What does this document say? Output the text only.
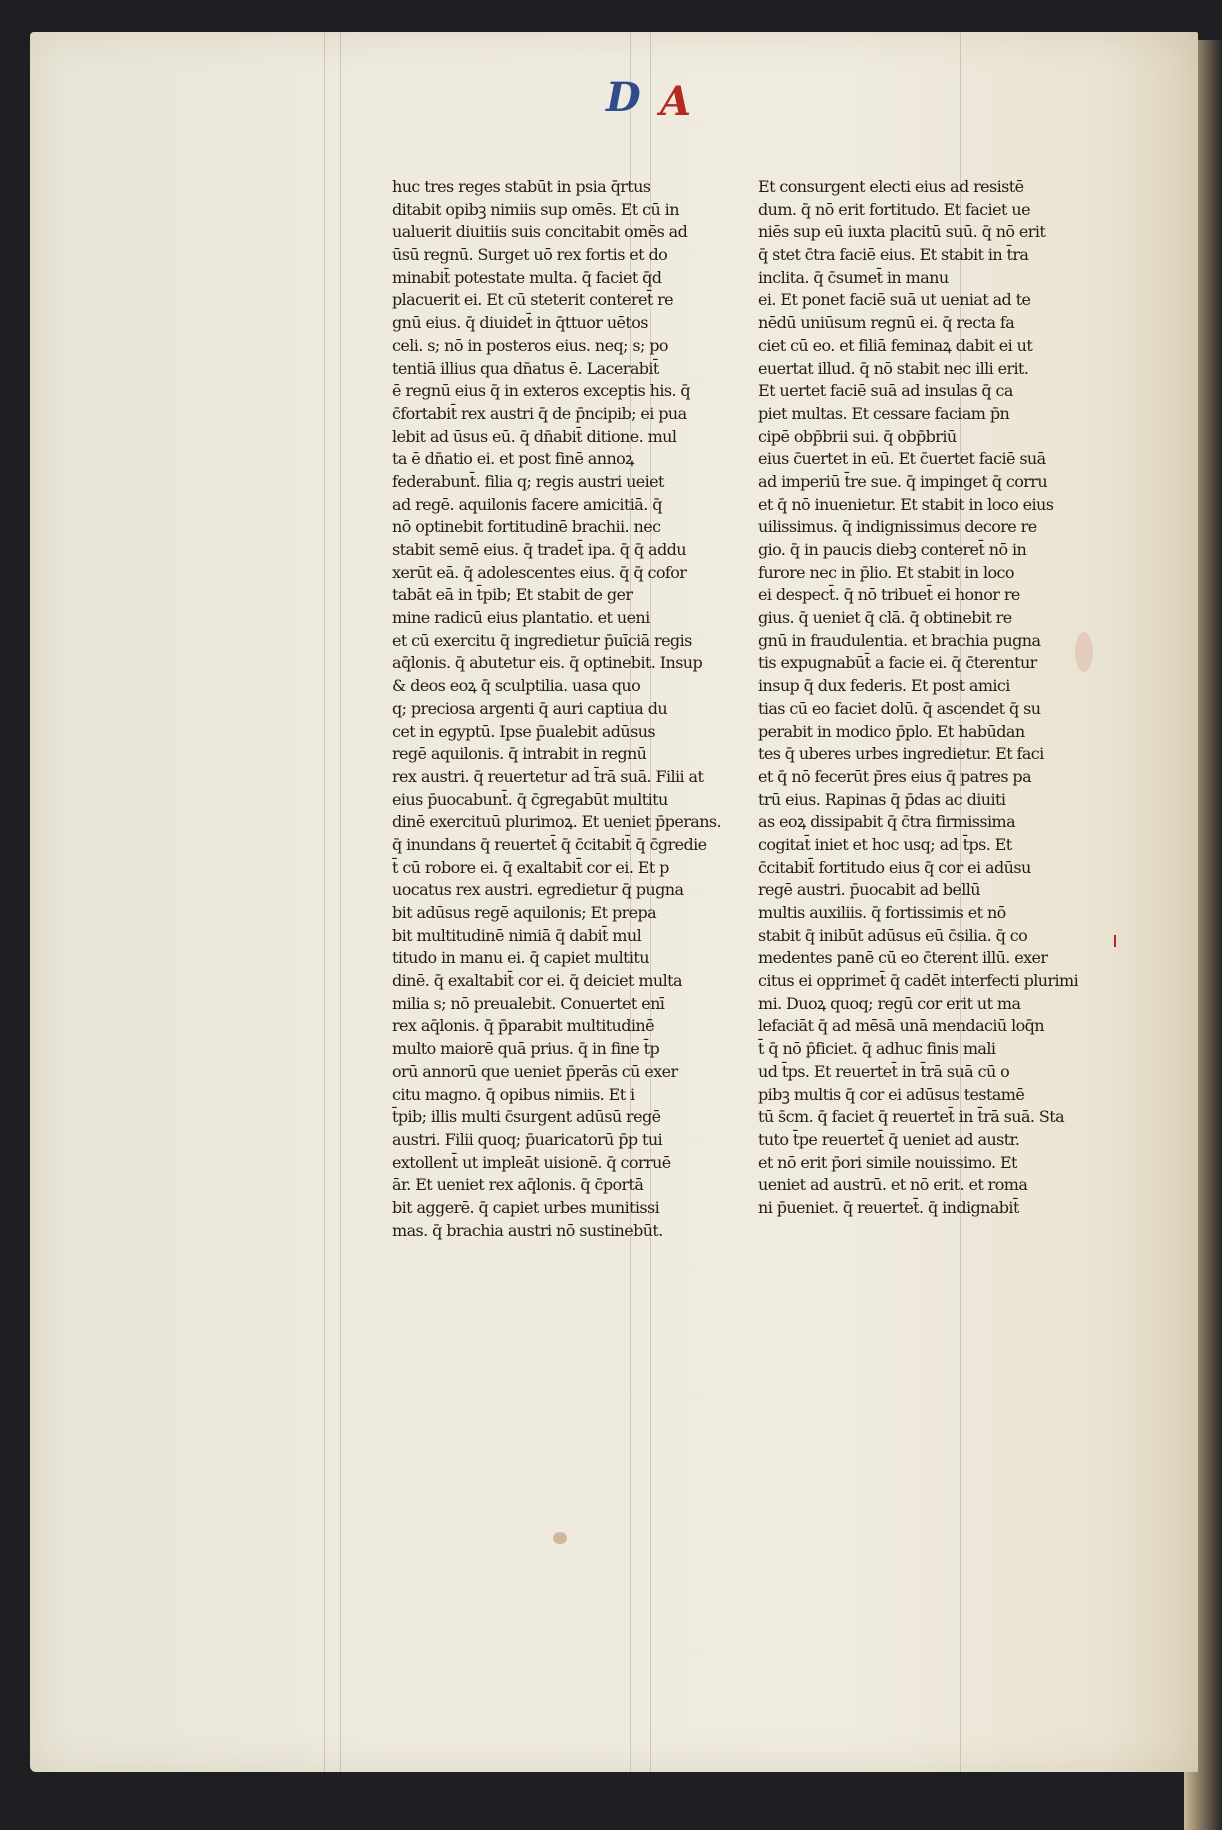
D A
huc tres reges stabūt in psia q̄rtus
ditabit opibꝫ nimiis sup omēs. Et cū in
ualuerit diuitiis suis concitabit omēs ad
ūsū regnū. Surget uō rex fortis et do
minabit̄ potestate multa. q̄ faciet q̄d
placuerit ei. Et cū steterit conteret̄ re
gnū eius. q̄ diuidet̄ in q̄ttuor uētos
celi. s; nō in posteros eius. neq; s; po
tentiā illius qua dn̄atus ē. Lacerabit̄
ē regnū eius q̄ in exteros exceptis his. q̄
c̄fortabit̄ rex austri q̄ de p̄ncipib; ei pua
lebit ad ūsus eū. q̄ dn̄abit̄ ditione. mul
ta ē dn̄atio ei. et post finē annoꝝ
federabunt̄. filia q; regis austri ueiet
ad regē. aquilonis facere amicitiā. q̄
nō optinebit fortitudinē brachii. nec
stabit semē eius. q̄ tradet̄ ipa. q̄ q̄ addu
xerūt eā. q̄ adolescentes eius. q̄ q̄ cofor
tabāt eā in t̄pib; Et stabit de ger
mine radicū eius plantatio. et ueni
et cū exercitu q̄ ingredietur p̄uīciā regis
aq̄lonis. q̄ abutetur eis. q̄ optinebit. Insup
& deos eoꝝ q̄ sculptilia. uasa quo
q; preciosa argenti q̄ auri captiua du
cet in egyptū. Ipse p̄ualebit adūsus
regē aquilonis. q̄ intrabit in regnū
rex austri. q̄ reuertetur ad t̄rā suā. Filii at
eius p̄uocabunt̄. q̄ c̄gregabūt multitu
dinē exercituū plurimoꝝ. Et ueniet p̄perans.
q̄ inundans q̄ reuertet̄ q̄ c̄citabit̄ q̄ c̄gredie
t̄ cū robore ei. q̄ exaltabit̄ cor ei. Et p
uocatus rex austri. egredietur q̄ pugna
bit adūsus regē aquilonis; Et prepa
bit multitudinē nimiā q̄ dabit̄ mul
titudo in manu ei. q̄ capiet multitu
dinē. q̄ exaltabit̄ cor ei. q̄ deiciet multa
milia s; nō preualebit. Conuertet enī
rex aq̄lonis. q̄ p̄parabit multitudinē
multo maiorē quā prius. q̄ in fine t̄p
orū annorū que ueniet p̄perās cū exer
citu magno. q̄ opibus nimiis. Et i
t̄pib; illis multi c̄surgent adūsū regē
austri. Filii quoq; p̄uaricatorū p̄p tui
extollent̄ ut impleāt uisionē. q̄ corruē
ār. Et ueniet rex aq̄lonis. q̄ c̄portā
bit aggerē. q̄ capiet urbes munitissi
mas. q̄ brachia austri nō sustinebūt.
Et consurgent electi eius ad resistē
dum. q̄ nō erit fortitudo. Et faciet ue
niēs sup eū iuxta placitū suū. q̄ nō erit
q̄ stet c̄tra faciē eius. Et stabit in t̄ra
inclita. q̄ c̄sumet̄ in manu
ei. Et ponet faciē suā ut ueniat ad te
nēdū uniūsum regnū ei. q̄ recta fa
ciet cū eo. et filiā feminaꝝ dabit ei ut
euertat illud. q̄ nō stabit nec illi erit.
Et uertet faciē suā ad insulas q̄ ca
piet multas. Et cessare faciam p̄n
cipē obp̄brii sui. q̄ obp̄briū
eius c̄uertet in eū. Et c̄uertet faciē suā
ad imperiū t̄re sue. q̄ impinget q̄ corru
et q̄ nō inuenietur. Et stabit in loco eius
uilissimus. q̄ indignissimus decore re
gio. q̄ in paucis diebꝫ conteret̄ nō in
furore nec in p̄lio. Et stabit in loco
ei despect̄. q̄ nō tribuet̄ ei honor re
gius. q̄ ueniet q̄ clā. q̄ obtinebit re
gnū in fraudulentia. et brachia pugna
tis expugnabūt̄ a facie ei. q̄ c̄terentur
insup q̄ dux federis. Et post amici
tias cū eo faciet dolū. q̄ ascendet q̄ su
perabit in modico p̄plo. Et habūdan
tes q̄ uberes urbes ingredietur. Et faci
et q̄ nō fecerūt p̄res eius q̄ patres pa
trū eius. Rapinas q̄ p̄das ac diuiti
as eoꝝ dissipabit q̄ c̄tra firmissima
cogitat̄ iniet et hoc usq; ad t̄ps. Et
c̄citabit̄ fortitudo eius q̄ cor ei adūsu
regē austri. p̄uocabit ad bellū
multis auxiliis. q̄ fortissimis et nō
stabit q̄ inibūt adūsus eū c̄silia. q̄ co
medentes panē cū eo c̄terent illū. exer
citus ei opprimet̄ q̄ cadēt interfecti plurimi
mi. Duoꝝ quoq; regū cor erit ut ma
lefaciāt q̄ ad mēsā unā mendaciū loq̄n
t̄ q̄ nō p̄ficiet. q̄ adhuc finis mali
ud t̄ps. Et reuertet̄ in t̄rā suā cū o
pibꝫ multis q̄ cor ei adūsus testamē
tū s̄cm. q̄ faciet q̄ reuertet̄ in t̄rā suā. Sta
tuto t̄pe reuertet̄ q̄ ueniet ad austr.
et nō erit p̄ori simile nouissimo. Et
ueniet ad austrū. et nō erit. et roma
ni p̄ueniet. q̄ reuertet̄. q̄ indignabit̄
